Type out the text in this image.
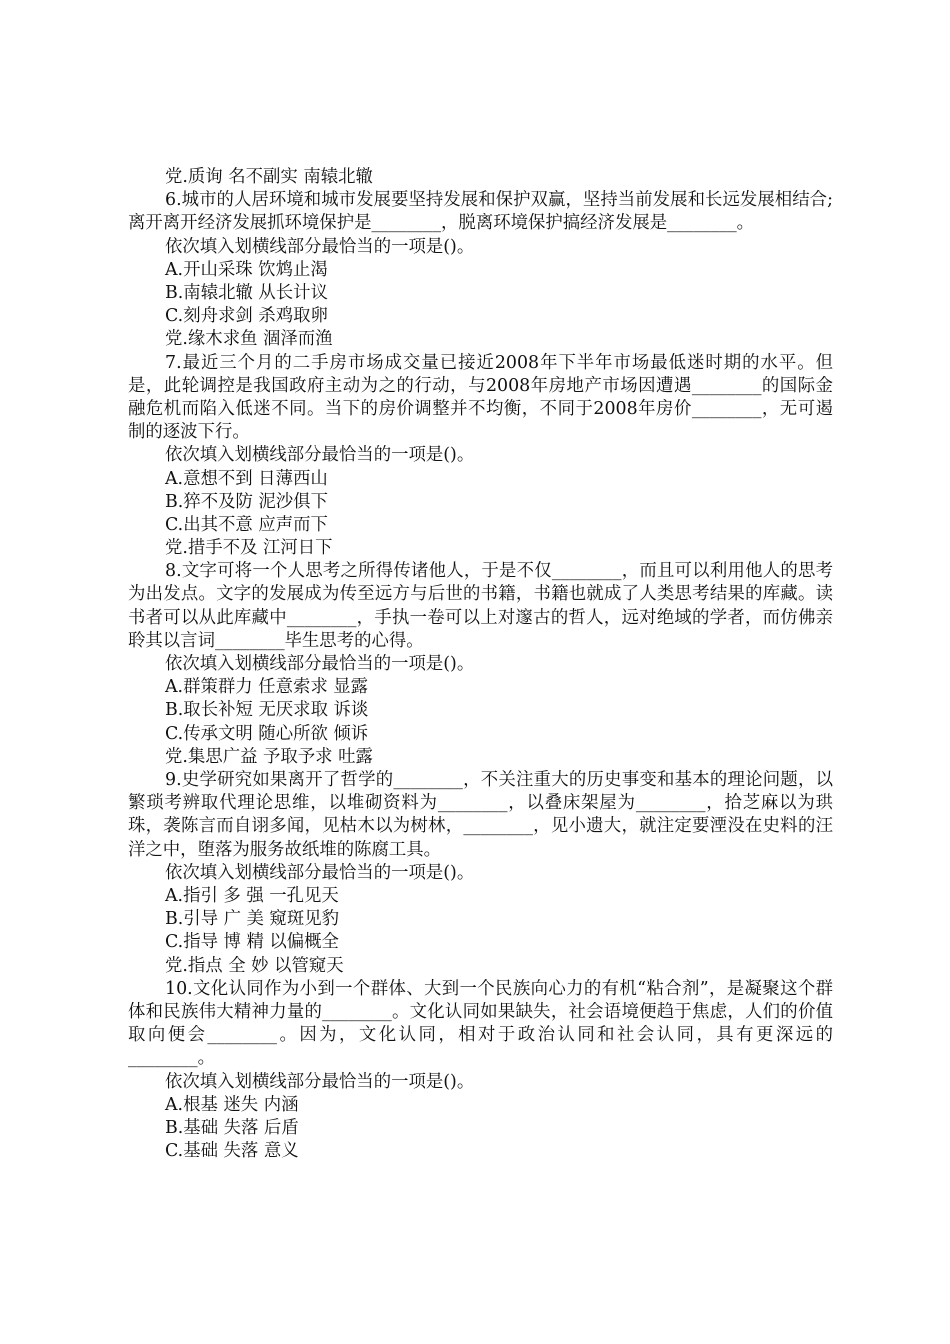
党.质询 名不副实 南辕北辙
6.城市的人居环境和城市发展要坚持发展和保护双赢，坚持当前发展和长远发展相结合;离开离开经济发展抓环境保护是________，脱离环境保护搞经济发展是________。
依次填入划横线部分最恰当的一项是()。
A.开山采珠 饮鸩止渴
B.南辕北辙 从长计议
C.刻舟求剑 杀鸡取卵
党.缘木求鱼 涸泽而渔
7.最近三个月的二手房市场成交量已接近2008年下半年市场最低迷时期的水平。但是，此轮调控是我国政府主动为之的行动，与2008年房地产市场因遭遇________的国际金融危机而陷入低迷不同。当下的房价调整并不均衡，不同于2008年房价________，无可遏制的逐波下行。
依次填入划横线部分最恰当的一项是()。
A.意想不到 日薄西山
B.猝不及防 泥沙俱下
C.出其不意 应声而下
党.措手不及 江河日下
8.文字可将一个人思考之所得传诸他人，于是不仅________，而且可以利用他人的思考为出发点。文字的发展成为传至远方与后世的书籍，书籍也就成了人类思考结果的库藏。读书者可以从此库藏中________，手执一卷可以上对邃古的哲人，远对绝域的学者，而仿佛亲聆其以言词________毕生思考的心得。
依次填入划横线部分最恰当的一项是()。
A.群策群力 任意索求 显露
B.取长补短 无厌求取 诉谈
C.传承文明 随心所欲 倾诉
党.集思广益 予取予求 吐露
9.史学研究如果离开了哲学的________，不关注重大的历史事变和基本的理论问题，以繁琐考辨取代理论思维，以堆砌资料为________，以叠床架屋为________，拾芝麻以为珙珠，袭陈言而自诩多闻，见枯木以为树林，________，见小遗大，就注定要湮没在史料的汪洋之中，堕落为服务故纸堆的陈腐工具。
依次填入划横线部分最恰当的一项是()。
A.指引 多 强 一孔见天
B.引导 广 美 窥斑见豹
C.指导 博 精 以偏概全
党.指点 全 妙 以管窥天
10.文化认同作为小到一个群体、大到一个民族向心力的有机“粘合剂”，是凝聚这个群体和民族伟大精神力量的________。文化认同如果缺失，社会语境便趋于焦虑，人们的价值取向便会________。因为，文化认同，相对于政治认同和社会认同，具有更深远的________。
依次填入划横线部分最恰当的一项是()。
A.根基 迷失 内涵
B.基础 失落 后盾
C.基础 失落 意义
